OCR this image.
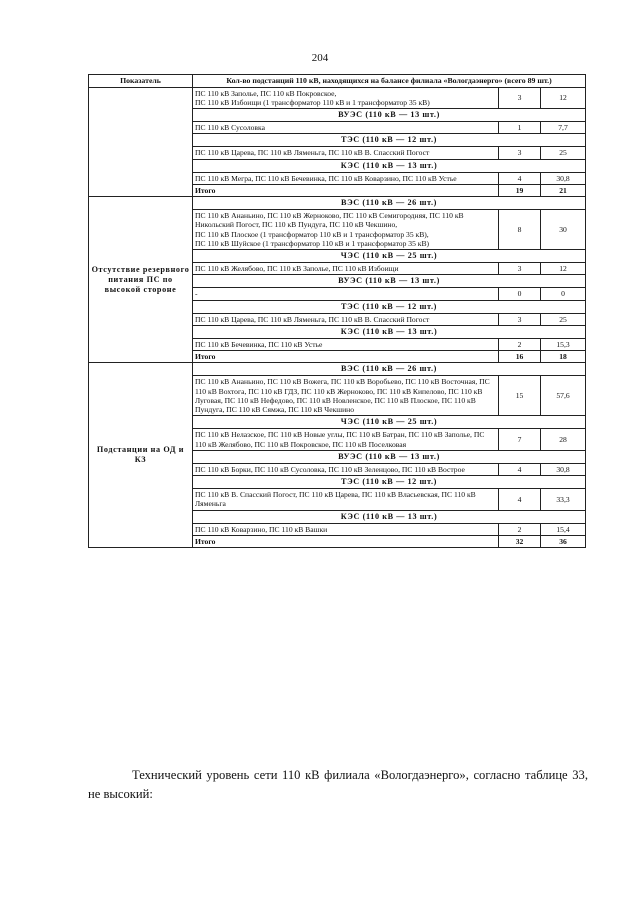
204
Показатель	Кол-во подстанций 110 кВ, находящихся на балансе филиала «Вологдаэнерго» (всего 89 шт.)		
	ПС 110 кВ Заполье, ПС 110 кВ Покровское,
ПС 110 кВ Избоищи (1 трансформатор 110 кВ и 1 трансформатор 35 кВ)	3	12
	ВУЭС (110 кВ — 13 шт.)		
	ПС 110 кВ Сусоловка	1	7,7
	ТЭС (110 кВ — 12 шт.)		
	ПС 110 кВ Царева, ПС 110 кВ Ляменьга, ПС 110 кВ В. Спасский Погост	3	25
	КЭС (110 кВ — 13 шт.)		
	ПС 110 кВ Мегра, ПС 110 кВ Бечевинка, ПС 110 кВ Коварзино, ПС 110 кВ Устье	4	30,8
	Итого	19	21
Отсутствие резервного питания ПС по высокой стороне	ВЭС (110 кВ — 26 шт.)		
	ПС 110 кВ Ананьино, ПС 110 кВ Жерноково, ПС 110 кВ Семигородняя, ПС 110 кВ Никольский Погост, ПС 110 кВ Пундуга, ПС 110 кВ Чекшино,
ПС 110 кВ Плоское (1 трансформатор 110 кВ и 1 трансформатор 35 кВ),
ПС 110 кВ Шуйское (1 трансформатор 110 кВ и 1 трансформатор 35 кВ)	8	30
	ЧЭС (110 кВ — 25 шт.)		
	ПС 110 кВ Желябово, ПС 110 кВ Заполье, ПС 110 кВ Избоищи	3	12
	ВУЭС (110 кВ — 13 шт.)		
	-	0	0
	ТЭС (110 кВ — 12 шт.)		
	ПС 110 кВ Царева, ПС 110 кВ Ляменьга, ПС 110 кВ В. Спасский Погост	3	25
	КЭС (110 кВ — 13 шт.)		
	ПС 110 кВ Бечевинка, ПС 110 кВ Устье	2	15,3
	Итого	16	18
Подстанции на ОД и КЗ	ВЭС (110 кВ — 26 шт.)		
	ПС 110 кВ Ананьино, ПС 110 кВ Вожега, ПС 110 кВ Воробьево, ПС 110 кВ Восточная, ПС 110 кВ Вохтога, ПС 110 кВ ГДЗ, ПС 110 кВ Жерноково, ПС 110 кВ Кипелово, ПС 110 кВ Луговая, ПС 110 кВ Нефедово, ПС 110 кВ Новленское, ПС 110 кВ Плоское, ПС 110 кВ Пундуга, ПС 110 кВ Сямжа, ПС 110 кВ Чекшино	15	57,6
	ЧЭС (110 кВ — 25 шт.)		
	ПС 110 кВ Нелазское, ПС 110 кВ Новые углы, ПС 110 кВ Батран, ПС 110 кВ Заполье, ПС 110 кВ Желябово, ПС 110 кВ Покровское, ПС 110 кВ Поселковая	7	28
	ВУЭС (110 кВ — 13 шт.)		
	ПС 110 кВ Борки, ПС 110 кВ Сусоловка, ПС 110 кВ Зеленцово, ПС 110 кВ Вострое	4	30,8
	ТЭС (110 кВ — 12 шт.)		
	ПС 110 кВ В. Спасский Погост, ПС 110 кВ Царева, ПС 110 кВ Власьевская, ПС 110 кВ Ляменьга	4	33,3
	КЭС (110 кВ — 13 шт.)		
	ПС 110 кВ Коварзино, ПС 110 кВ Вашки	2	15,4
	Итого	32	36
Технический уровень сети 110 кВ филиала «Вологдаэнерго», согласно таблице 33, не высокий:
